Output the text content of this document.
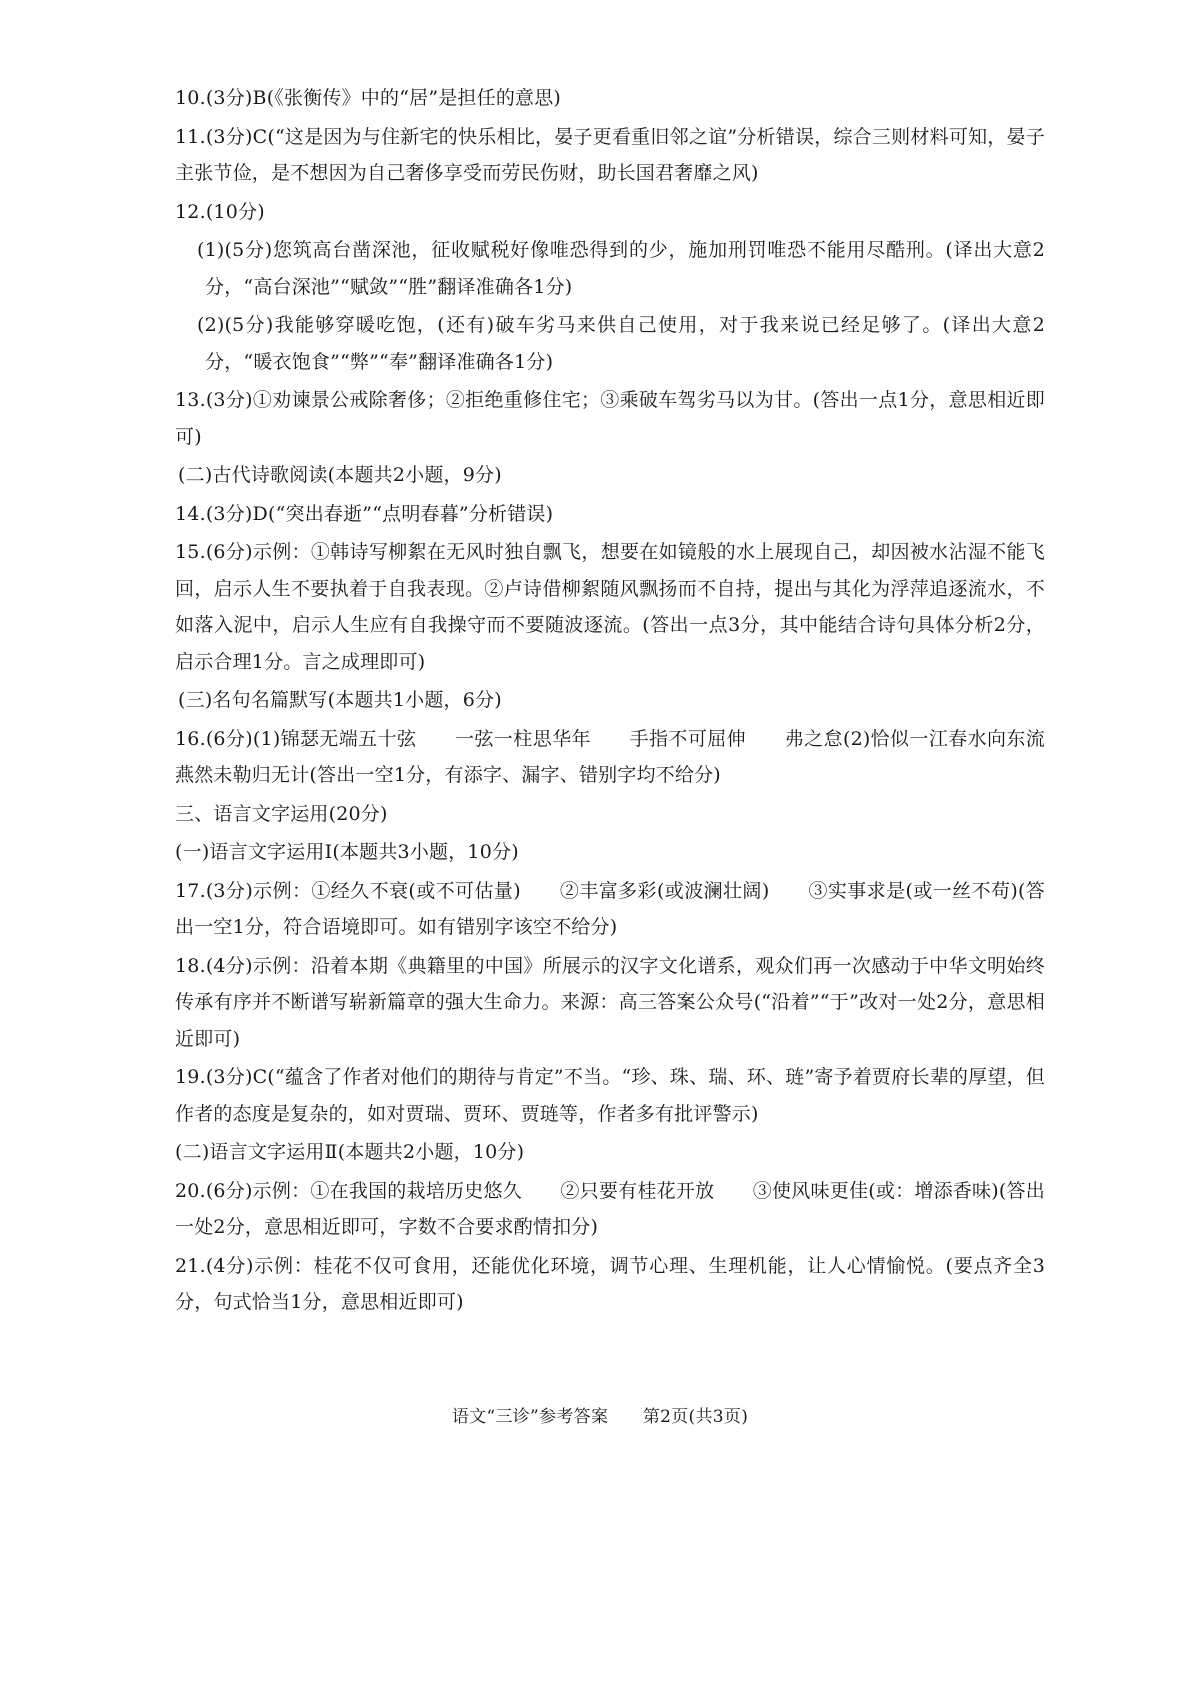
10.(3分)B(《张衡传》中的“居”是担任的意思)

11.(3分)C(“这是因为与住新宅的快乐相比，晏子更看重旧邻之谊”分析错误，综合三则材料可知，晏子主张节俭，是不想因为自己奢侈享受而劳民伤财，助长国君奢靡之风)

12.(10分)

(1)(5分)您筑高台凿深池，征收赋税好像唯恐得到的少，施加刑罚唯恐不能用尽酷刑。(译出大意2分，“高台深池”“赋敛”“胜”翻译准确各1分)

(2)(5分)我能够穿暖吃饱，(还有)破车劣马来供自己使用，对于我来说已经足够了。(译出大意2分，“暖衣饱食”“弊”“奉”翻译准确各1分)

13.(3分)①劝谏景公戒除奢侈；②拒绝重修住宅；③乘破车驾劣马以为甘。(答出一点1分，意思相近即可)

(二)古代诗歌阅读(本题共2小题，9分)

14.(3分)D(“突出春逝”“点明春暮”分析错误)

15.(6分)示例：①韩诗写柳絮在无风时独自飘飞，想要在如镜般的水上展现自己，却因被水沾湿不能飞回，启示人生不要执着于自我表现。②卢诗借柳絮随风飘扬而不自持，提出与其化为浮萍追逐流水，不如落入泥中，启示人生应有自我操守而不要随波逐流。(答出一点3分，其中能结合诗句具体分析2分，启示合理1分。言之成理即可)

(三)名句名篇默写(本题共1小题，6分)

16.(6分)(1)锦瑟无端五十弦　　一弦一柱思华年　　手指不可屈伸　　弗之怠(2)恰似一江春水向东流　　燕然未勒归无计(答出一空1分，有添字、漏字、错别字均不给分)

三、语言文字运用(20分)

(一)语言文字运用Ⅰ(本题共3小题，10分)

17.(3分)示例：①经久不衰(或不可估量)　　②丰富多彩(或波澜壮阔)　　③实事求是(或一丝不苟)(答出一空1分，符合语境即可。如有错别字该空不给分)

18.(4分)示例：沿着本期《典籍里的中国》所展示的汉字文化谱系，观众们再一次感动于中华文明始终传承有序并不断谱写崭新篇章的强大生命力。来源：高三答案公众号(“沿着”“于”改对一处2分，意思相近即可)

19.(3分)C(“蕴含了作者对他们的期待与肯定”不当。“珍、珠、瑞、环、琏”寄予着贾府长辈的厚望，但作者的态度是复杂的，如对贾瑞、贾环、贾琏等，作者多有批评警示)

(二)语言文字运用Ⅱ(本题共2小题，10分)

20.(6分)示例：①在我国的栽培历史悠久　　②只要有桂花开放　　③使风味更佳(或：增添香味)(答出一处2分，意思相近即可，字数不合要求酌情扣分)

21.(4分)示例：桂花不仅可食用，还能优化环境，调节心理、生理机能，让人心情愉悦。(要点齐全3分，句式恰当1分，意思相近即可)

语文“三诊”参考答案　　第2页(共3页)
